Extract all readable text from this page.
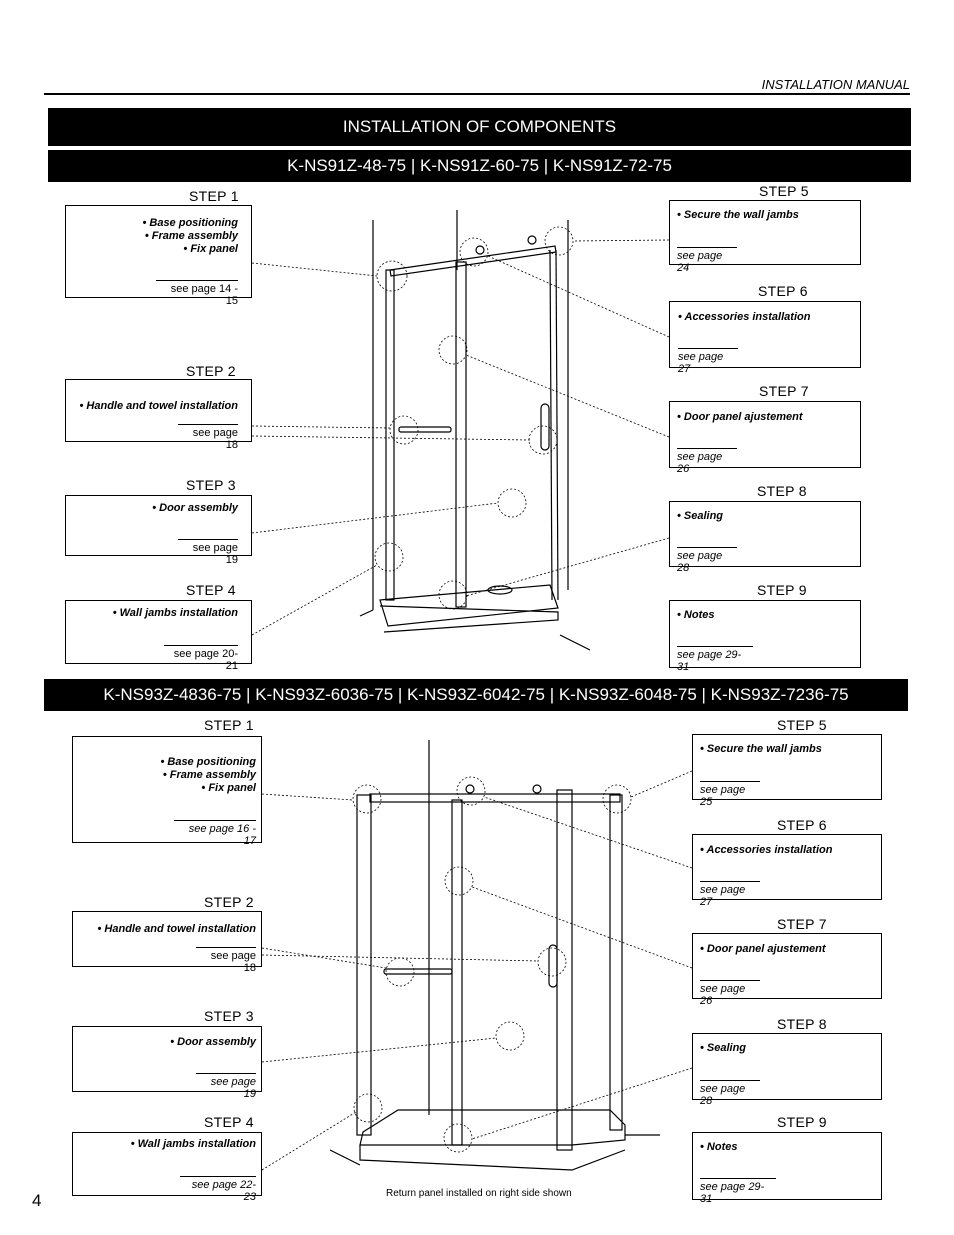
INSTALLATION MANUAL
INSTALLATION OF COMPONENTS
K-NS91Z-48-75 | K-NS91Z-60-75 | K-NS91Z-72-75
STEP 1
• Base positioning
• Frame assembly
• Fix panel
see page 14 - 15
STEP 2
• Handle and towel installation
see page 18
STEP 3
• Door assembly
see page 19
STEP 4
• Wall jambs installation
see page 20-21
STEP 5
• Secure the wall jambs
see page 24
STEP 6
• Accessories installation
see page 27
STEP 7
• Door panel ajustement
see page 26
STEP 8
• Sealing
see page 28
STEP 9
• Notes
see page 29-31
K-NS93Z-4836-75 | K-NS93Z-6036-75 | K-NS93Z-6042-75 | K-NS93Z-6048-75 | K-NS93Z-7236-75
STEP 1
• Base positioning
• Frame assembly
• Fix panel
see page 16 - 17
STEP 2
• Handle and towel installation
see page 18
STEP 3
• Door assembly
see page 19
STEP 4
• Wall jambs installation
see page 22-23
STEP 5
• Secure the wall jambs
see page 25
STEP 6
• Accessories installation
see page 27
STEP 7
• Door panel ajustement
see page 26
STEP 8
• Sealing
see page 28
STEP 9
• Notes
see page 29-31
Return panel installed on right side shown
4
